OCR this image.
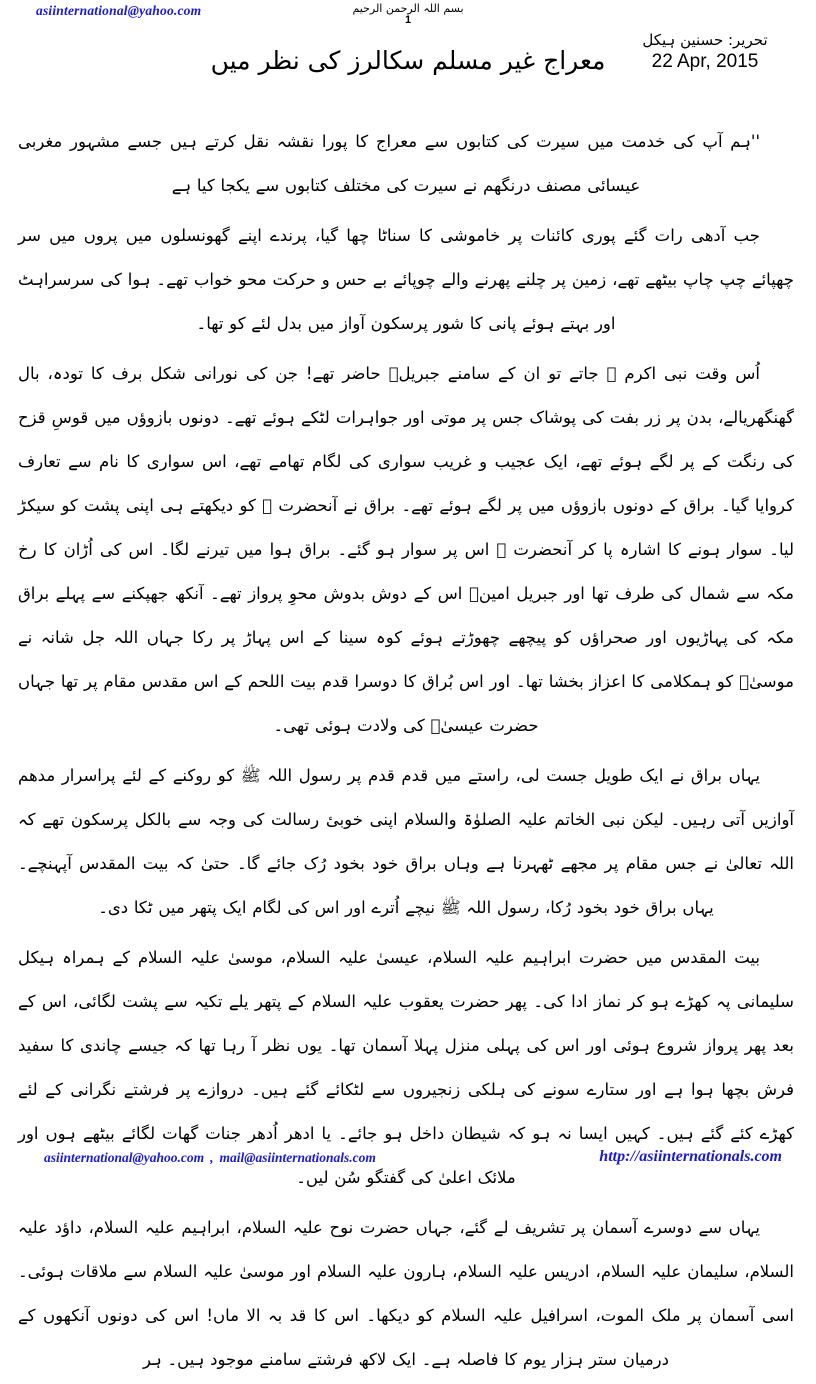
asiinternational@yahoo.com	بسم اللہ الرحمن الرحیم
1
تحریر: حسنین ہیکل
22 Apr, 2015
معراج غیر مسلم سکالرز کی نظر میں

''ہم آپ کی خدمت میں سیرت کی کتابوں سے معراج کا پورا نقشہ نقل کرتے ہیں جسے مشہور مغربی عیسائی مصنف درنگھم نے سیرت کی مختلف کتابوں سے یکجا کیا ہے

جب آدھی رات گئے پوری کائنات پر خاموشی کا سناٹا چھا گیا، پرندے اپنے گھونسلوں میں پروں میں سر چھپائے چپ چاپ بیٹھے تھے، زمین پر چلنے پھرنے والے چوپائے بے حس و حرکت محو خواب تھے۔ ہوا کی سرسراہٹ اور بہتے ہوئے پانی کا شور پرسکون آواز میں بدل لئے کو تھا۔

اُس وقت نبی اکرم ﷺ جاتے تو ان کے سامنے جبریلؑ حاضر تھے! جن کی نورانی شکل برف کا تودہ، بال گھنگھریالے، بدن پر زر بفت کی پوشاک جس پر موتی اور جواہرات لٹکے ہوئے تھے۔ دونوں بازوؤں میں قوسِ قزح کی رنگت کے پر لگے ہوئے تھے، ایک عجیب و غریب سواری کی لگام تھامے تھے، اس سواری کا نام سے تعارف کروایا گیا۔ براق کے دونوں بازوؤں میں پر لگے ہوئے تھے۔ براق نے آنحضرت ﷺ کو دیکھتے ہی اپنی پشت کو سیکڑ لیا۔ سوار ہونے کا اشارہ پا کر آنحضرت ﷺ اس پر سوار ہو گئے۔ براق ہوا میں تیرنے لگا۔ اس کی اُڑان کا رخ مکہ سے شمال کی طرف تھا اور جبریل امینؑ اس کے دوش بدوش محوِ پرواز تھے۔ آنکھ جھپکنے سے پہلے براق مکہ کی پہاڑیوں اور صحراؤں کو پیچھے چھوڑتے ہوئے کوہ سینا کے اس پہاڑ پر رکا جہاں اللہ جل شانہ نے موسیٰؑ کو ہمکلامی کا اعزاز بخشا تھا۔ اور اس بُراق کا دوسرا قدم بیت اللحم کے اس مقدس مقام پر تھا جہاں حضرت عیسیٰؑ کی ولادت ہوئی تھی۔

یہاں براق نے ایک طویل جست لی، راستے میں قدم قدم پر رسول اللہ ﷺ کو روکنے کے لئے پراسرار مدھم آوازیں آتی رہیں۔ لیکن نبی الخاتم علیہ الصلوٰۃ والسلام اپنی خوبیٔ رسالت کی وجہ سے بالکل پرسکون تھے کہ اللہ تعالیٰ نے جس مقام پر مجھے ٹھہرنا ہے وہاں براق خود بخود رُک جائے گا۔ حتیٰ کہ بیت المقدس آپہنچے۔ یہاں براق خود بخود رُکا، رسول اللہ ﷺ نیچے اُترے اور اس کی لگام ایک پتھر میں ٹکا دی۔

بیت المقدس میں حضرت ابراہیم علیہ السلام، عیسیٰ علیہ السلام، موسیٰ علیہ السلام کے ہمراہ ہیکل سلیمانی پہ کھڑے ہو کر نماز ادا کی۔ پھر حضرت یعقوب علیہ السلام کے پتھر یلے تکیہ سے پشت لگائی، اس کے بعد پھر پرواز شروع ہوئی اور اس کی پہلی منزل پہلا آسمان تھا۔ یوں نظر آ رہا تھا کہ جیسے چاندی کا سفید فرش بچھا ہوا ہے اور ستارے سونے کی ہلکی زنجیروں سے لٹکائے گئے ہیں۔ دروازے پر فرشتے نگرانی کے لئے کھڑے کئے گئے ہیں۔ کہیں ایسا نہ ہو کہ شیطان داخل ہو جائے۔ یا ادھر اُدھر جنات گھات لگائے بیٹھے ہوں اور ملائک اعلیٰ کی گفتگو سُن لیں۔

یہاں سے دوسرے آسمان پر تشریف لے گئے، جہاں حضرت نوح علیہ السلام، ابراہیم علیہ السلام، داؤد علیہ السلام، سلیمان علیہ السلام، ادریس علیہ السلام، ہارون علیہ السلام اور موسیٰ علیہ السلام سے ملاقات ہوئی۔ اسی آسمان پر ملک الموت، اسرافیل علیہ السلام کو دیکھا۔ اس کا قد بہ الا ماں! اس کی دونوں آنکھوں کے درمیان ستر ہزار یوم کا فاصلہ ہے۔ ایک لاکھ فرشتے سامنے موجود ہیں۔ ہر

asiinternational@yahoo.com , mail@asiinternationals.com	http://asiinternationals.com
